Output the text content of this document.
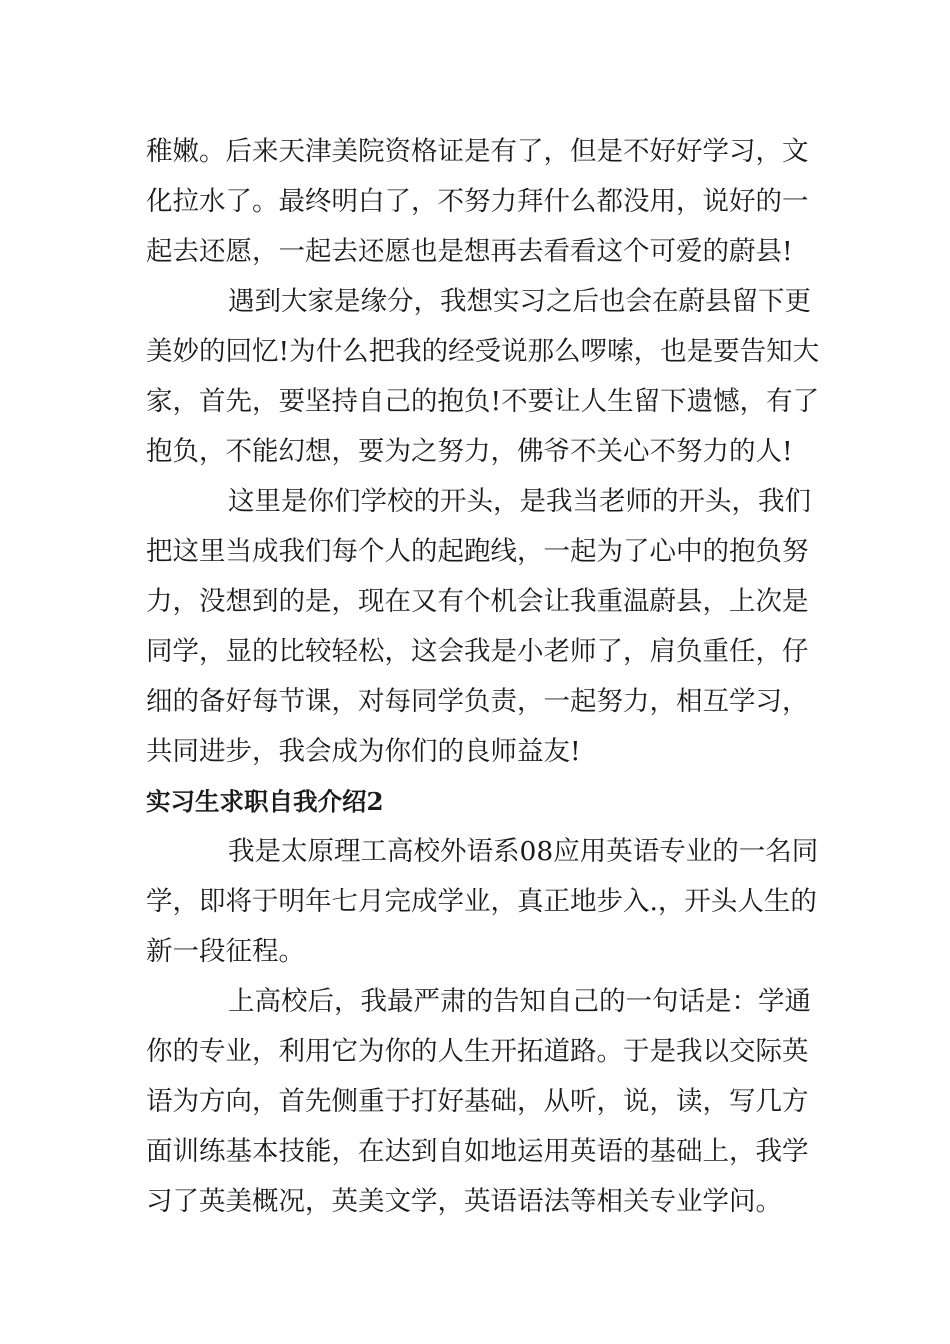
稚嫩。后来天津美院资格证是有了，但是不好好学习，文

化拉水了。最终明白了，不努力拜什么都没用，说好的一

起去还愿，一起去还愿也是想再去看看这个可爱的蔚县!

遇到大家是缘分，我想实习之后也会在蔚县留下更

美妙的回忆!为什么把我的经受说那么啰嗦，也是要告知大

家，首先，要坚持自己的抱负!不要让人生留下遗憾，有了

抱负，不能幻想，要为之努力，佛爷不关心不努力的人!

这里是你们学校的开头，是我当老师的开头，我们

把这里当成我们每个人的起跑线，一起为了心中的抱负努

力，没想到的是，现在又有个机会让我重温蔚县，上次是

同学，显的比较轻松，这会我是小老师了，肩负重任，仔

细的备好每节课，对每同学负责，一起努力，相互学习，

共同进步，我会成为你们的良师益友!

实习生求职自我介绍2

我是太原理工高校外语系08应用英语专业的一名同

学，即将于明年七月完成学业，真正地步入.，开头人生的

新一段征程。

上高校后，我最严肃的告知自己的一句话是：学通

你的专业，利用它为你的人生开拓道路。于是我以交际英

语为方向，首先侧重于打好基础，从听，说，读，写几方

面训练基本技能，在达到自如地运用英语的基础上，我学

习了英美概况，英美文学，英语语法等相关专业学问。
